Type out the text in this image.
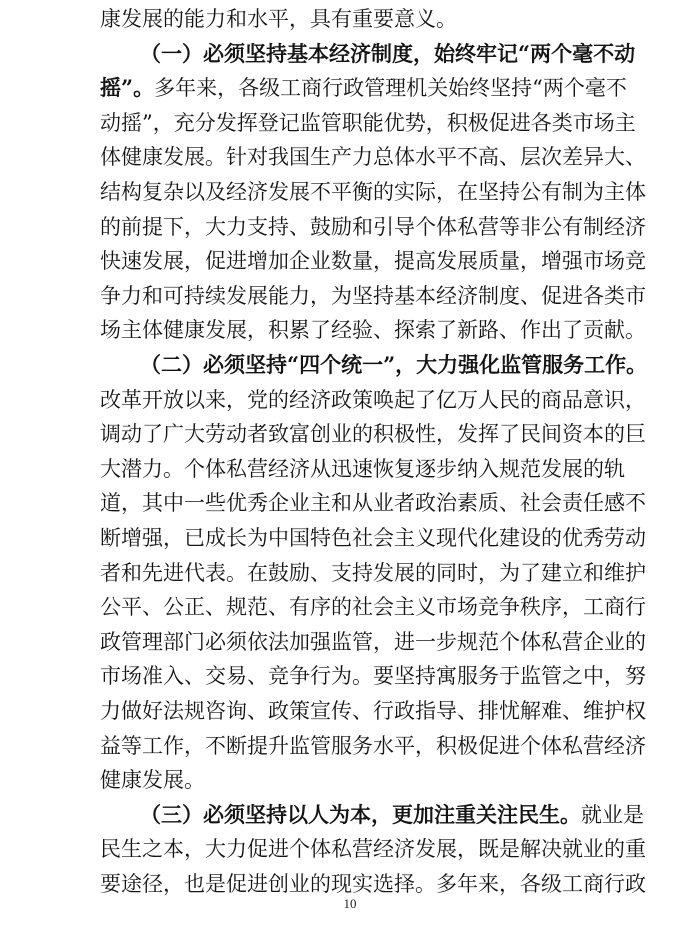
康发展的能力和水平，具有重要意义。
（一）必须坚持基本经济制度，始终牢记“两个毫不动
摇”。多年来，各级工商行政管理机关始终坚持“两个毫不
动摇”，充分发挥登记监管职能优势，积极促进各类市场主
体健康发展。针对我国生产力总体水平不高、层次差异大、
结构复杂以及经济发展不平衡的实际，在坚持公有制为主体
的前提下，大力支持、鼓励和引导个体私营等非公有制经济
快速发展，促进增加企业数量，提高发展质量，增强市场竞
争力和可持续发展能力，为坚持基本经济制度、促进各类市
场主体健康发展，积累了经验、探索了新路、作出了贡献。
（二）必须坚持“四个统一”，大力强化监管服务工作。
改革开放以来，党的经济政策唤起了亿万人民的商品意识，
调动了广大劳动者致富创业的积极性，发挥了民间资本的巨
大潜力。个体私营经济从迅速恢复逐步纳入规范发展的轨
道，其中一些优秀企业主和从业者政治素质、社会责任感不
断增强，已成长为中国特色社会主义现代化建设的优秀劳动
者和先进代表。在鼓励、支持发展的同时，为了建立和维护
公平、公正、规范、有序的社会主义市场竞争秩序，工商行
政管理部门必须依法加强监管，进一步规范个体私营企业的
市场准入、交易、竞争行为。要坚持寓服务于监管之中，努
力做好法规咨询、政策宣传、行政指导、排忧解难、维护权
益等工作，不断提升监管服务水平，积极促进个体私营经济
健康发展。
（三）必须坚持以人为本，更加注重关注民生。就业是
民生之本，大力促进个体私营经济发展，既是解决就业的重
要途径，也是促进创业的现实选择。多年来，各级工商行政
10
